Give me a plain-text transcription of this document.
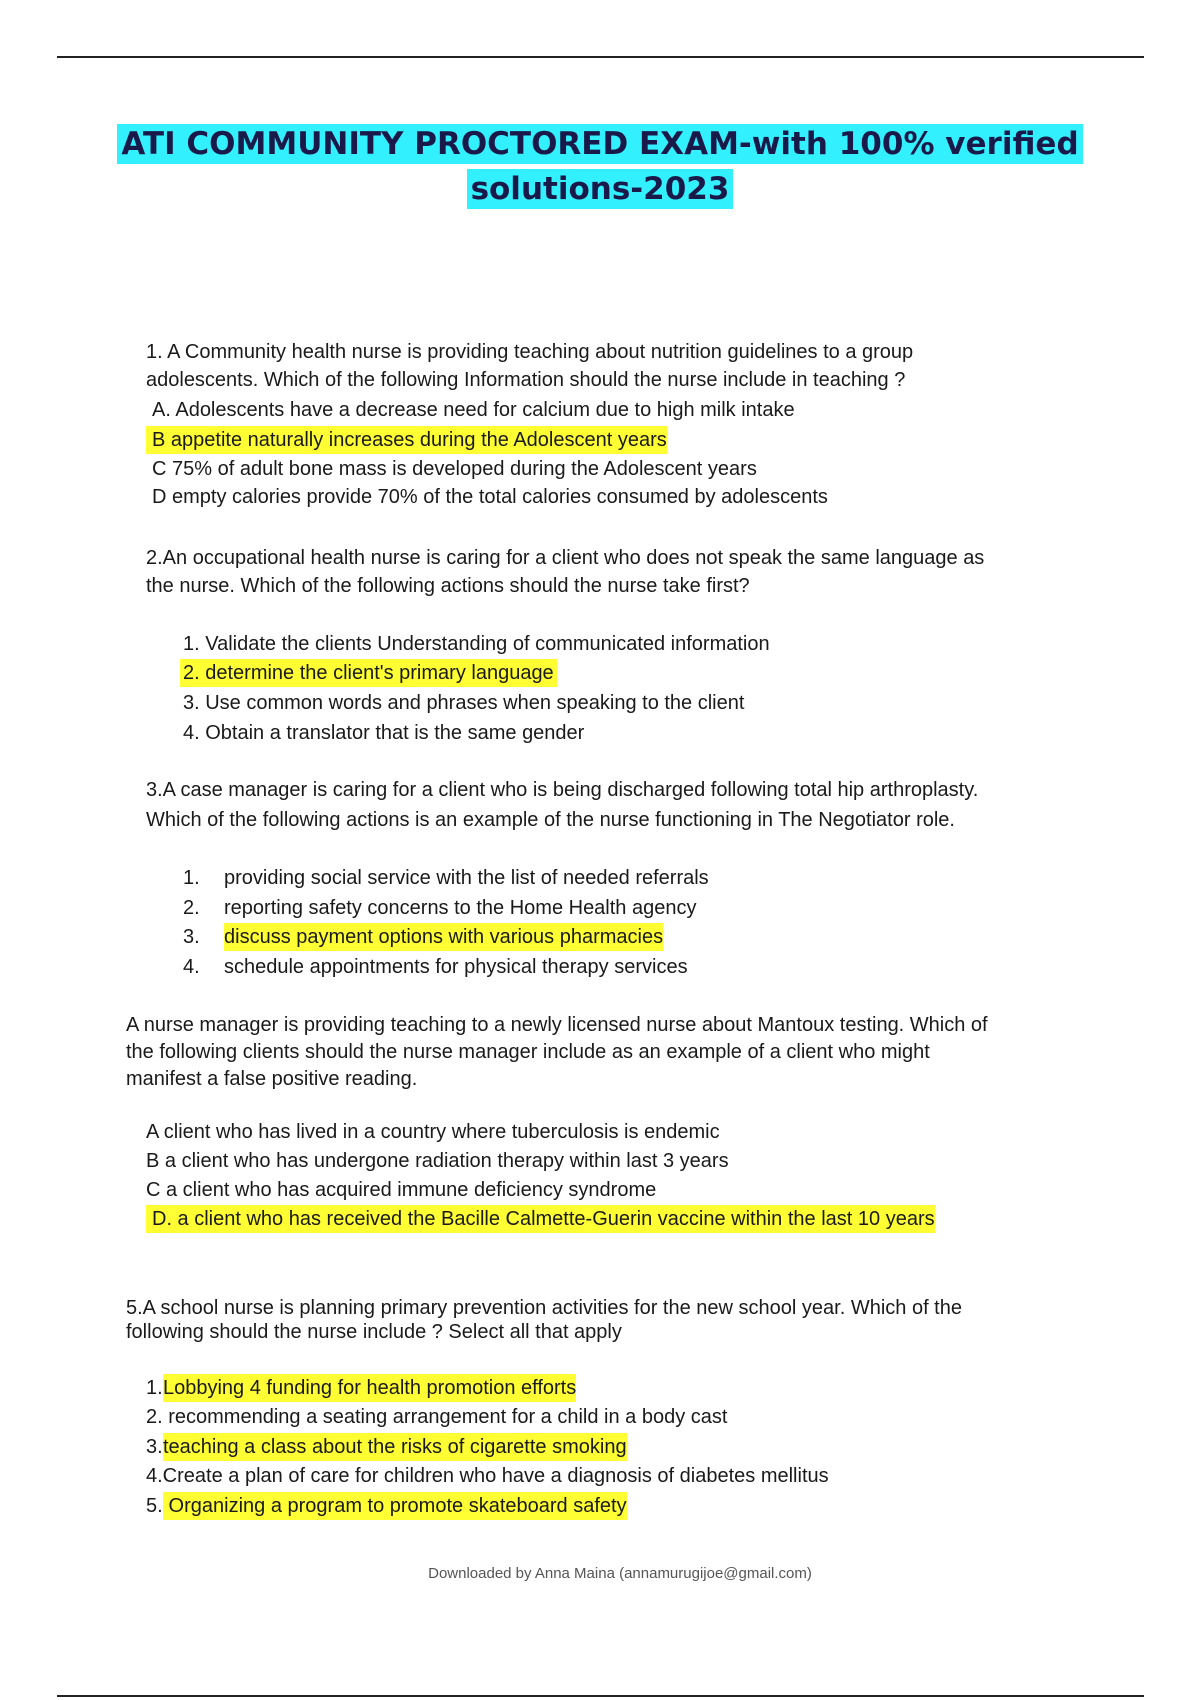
ATI COMMUNITY PROCTORED EXAM-with 100% verified
solutions-2023
1. A Community health nurse is providing teaching about nutrition guidelines to a group
adolescents. Which of the following Information should the nurse include in teaching ?
A. Adolescents have a decrease need for calcium due to high milk intake
B appetite naturally increases during the Adolescent years
C 75% of adult bone mass is developed during the Adolescent years
D empty calories provide 70% of the total calories consumed by adolescents
2.An occupational health nurse is caring for a client who does not speak the same language as
the nurse. Which of the following actions should the nurse take first?
1. Validate the clients Understanding of communicated information
2. determine the client's primary language
3. Use common words and phrases when speaking to the client
4. Obtain a translator that is the same gender
3.A case manager is caring for a client who is being discharged following total hip arthroplasty.
Which of the following actions is an example of the nurse functioning in The Negotiator role.
1. providing social service with the list of needed referrals
2. reporting safety concerns to the Home Health agency
3. discuss payment options with various pharmacies
4. schedule appointments for physical therapy services
A nurse manager is providing teaching to a newly licensed nurse about Mantoux testing. Which of
the following clients should the nurse manager include as an example of a client who might
manifest a false positive reading.
A client who has lived in a country where tuberculosis is endemic
B a client who has undergone radiation therapy within last 3 years
C a client who has acquired immune deficiency syndrome
D. a client who has received the Bacille Calmette-Guerin vaccine within the last 10 years
5.A school nurse is planning primary prevention activities for the new school year. Which of the
following should the nurse include ? Select all that apply
1. Lobbying 4 funding for health promotion efforts
2. recommending a seating arrangement for a child in a body cast
3. teaching a class about the risks of cigarette smoking
4.Create a plan of care for children who have a diagnosis of diabetes mellitus
5. Organizing a program to promote skateboard safety
Downloaded by Anna Maina (annamurugijoe@gmail.com)
